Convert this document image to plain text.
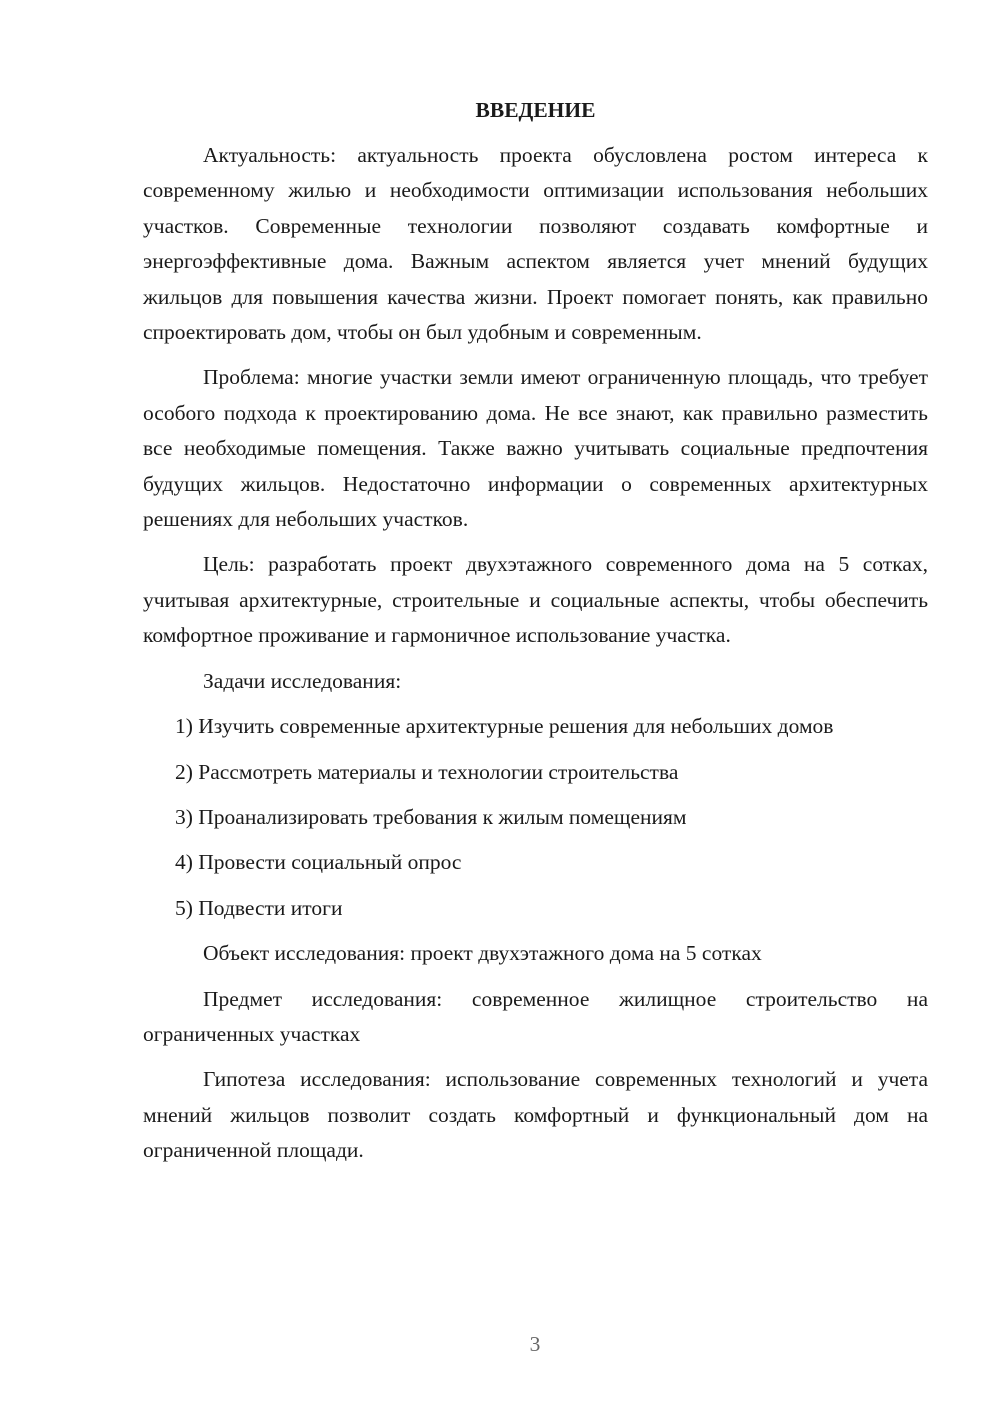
ВВЕДЕНИЕ

Актуальность: актуальность проекта обусловлена ростом интереса к современному жилью и необходимости оптимизации использования небольших участков. Современные технологии позволяют создавать комфортные и энергоэффективные дома. Важным аспектом является учет мнений будущих жильцов для повышения качества жизни. Проект помогает понять, как правильно спроектировать дом, чтобы он был удобным и современным.

Проблема: многие участки земли имеют ограниченную площадь, что требует особого подхода к проектированию дома. Не все знают, как правильно разместить все необходимые помещения. Также важно учитывать социальные предпочтения будущих жильцов. Недостаточно информации о современных архитектурных решениях для небольших участков.

Цель: разработать проект двухэтажного современного дома на 5 сотках, учитывая архитектурные, строительные и социальные аспекты, чтобы обеспечить комфортное проживание и гармоничное использование участка.

Задачи исследования:

1) Изучить современные архитектурные решения для небольших домов

2) Рассмотреть материалы и технологии строительства

3) Проанализировать требования к жилым помещениям

4) Провести социальный опрос

5) Подвести итоги

Объект исследования: проект двухэтажного дома на 5 сотках

Предмет исследования: современное жилищное строительство на ограниченных участках

Гипотеза исследования: использование современных технологий и учета мнений жильцов позволит создать комфортный и функциональный дом на ограниченной площади.

3
